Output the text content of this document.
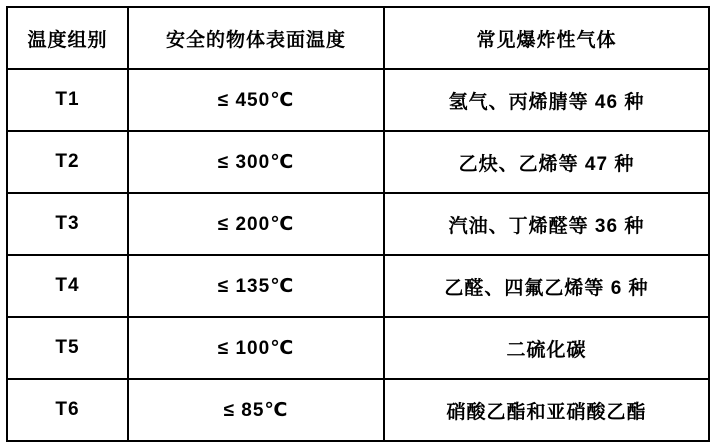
温度组别	安全的物体表面温度	常见爆炸性气体
T1	≤ 450℃	氢气、丙烯腈等 46 种
T2	≤ 300℃	乙炔、乙烯等 47 种
T3	≤ 200℃	汽油、丁烯醛等 36 种
T4	≤ 135℃	乙醛、四氟乙烯等 6 种
T5	≤ 100℃	二硫化碳
T6	≤ 85℃	硝酸乙酯和亚硝酸乙酯
